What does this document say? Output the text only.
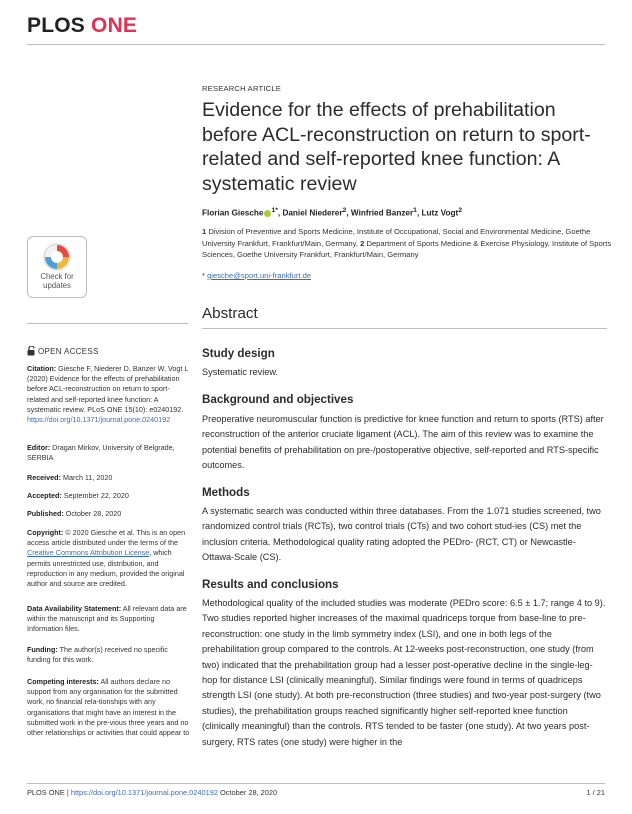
PLOS ONE
RESEARCH ARTICLE
Evidence for the effects of prehabilitation before ACL-reconstruction on return to sport-related and self-reported knee function: A systematic review
Florian Giesche $^{1*}$, Daniel Niederer$^2$, Winfried Banzer$^1$, Lutz Vogt$^2$
1 Division of Preventive and Sports Medicine, Institute of Occupational, Social and Environmental Medicine, Goethe University Frankfurt, Frankfurt/Main, Germany, 2 Department of Sports Medicine & Exercise Physiology, Institute of Sports Sciences, Goethe University Frankfurt, Frankfurt/Main, Germany
* giesche@sport.uni-frankfurt.de
Check for
updates
OPEN ACCESS
Citation: Giesche F, Niederer D, Banzer W, Vogt L (2020) Evidence for the effects of prehabilitation before ACL-reconstruction on return to sport-related and self-reported knee function: A systematic review. PLoS ONE 15(10): e0240192. https://doi.org/10.1371/journal.pone.0240192
Editor: Dragan Mirkov, University of Belgrade, SERBIA
Received: March 11, 2020
Accepted: September 22, 2020
Published: October 28, 2020
Copyright: © 2020 Giesche et al. This is an open access article distributed under the terms of the Creative Commons Attribution License, which permits unrestricted use, distribution, and reproduction in any medium, provided the original author and source are credited.
Data Availability Statement: All relevant data are within the manuscript and its Supporting Information files.
Funding: The author(s) received no specific funding for this work.
Competing interests: All authors declare no support from any organisation for the submitted work, no financial rela-tionships with any organisations that might have an interest in the submitted work in the pre-vious three years and no other relationships or activities that could appear to
Abstract
Study design
Systematic review.
Background and objectives
Preoperative neuromuscular function is predictive for knee function and return to sports (RTS) after reconstruction of the anterior cruciate ligament (ACL). The aim of this review was to examine the potential benefits of prehabilitation on pre-/postoperative objective, self-reported and RTS-specific outcomes.
Methods
A systematic search was conducted within three databases. From the 1.071 studies screened, two randomized control trials (RCTs), two control trials (CTs) and two cohort stud-ies (CS) met the inclusion criteria. Methodological quality rating adopted the PEDro- (RCT, CT) or Newcastle-Ottawa-Scale (CS).
Results and conclusions
Methodological quality of the included studies was moderate (PEDro score: 6.5 ± 1.7; range 4 to 9). Two studies reported higher increases of the maximal quadriceps torque from base-line to pre-reconstruction: one study in the limb symmetry index (LSI), and one in both legs of the prehabilitation group compared to the controls. At 12-weeks post-reconstruction, one study (from two) indicated that the prehabilitation group had a lesser post-operative decline in the single-leg-hop for distance LSI (clinically meaningful). Similar findings were found in terms of quadriceps strength LSI (one study). At both pre-reconstruction (three studies) and two-year post-surgery (two studies), the prehabilitation groups reached significantly higher self-reported knee function (clinically meaningful) than the controls. RTS tended to be faster (one study). At two years post-surgery, RTS rates (one study) were higher in the
PLOS ONE | https://doi.org/10.1371/journal.pone.0240192 October 28, 2020	1 / 21
